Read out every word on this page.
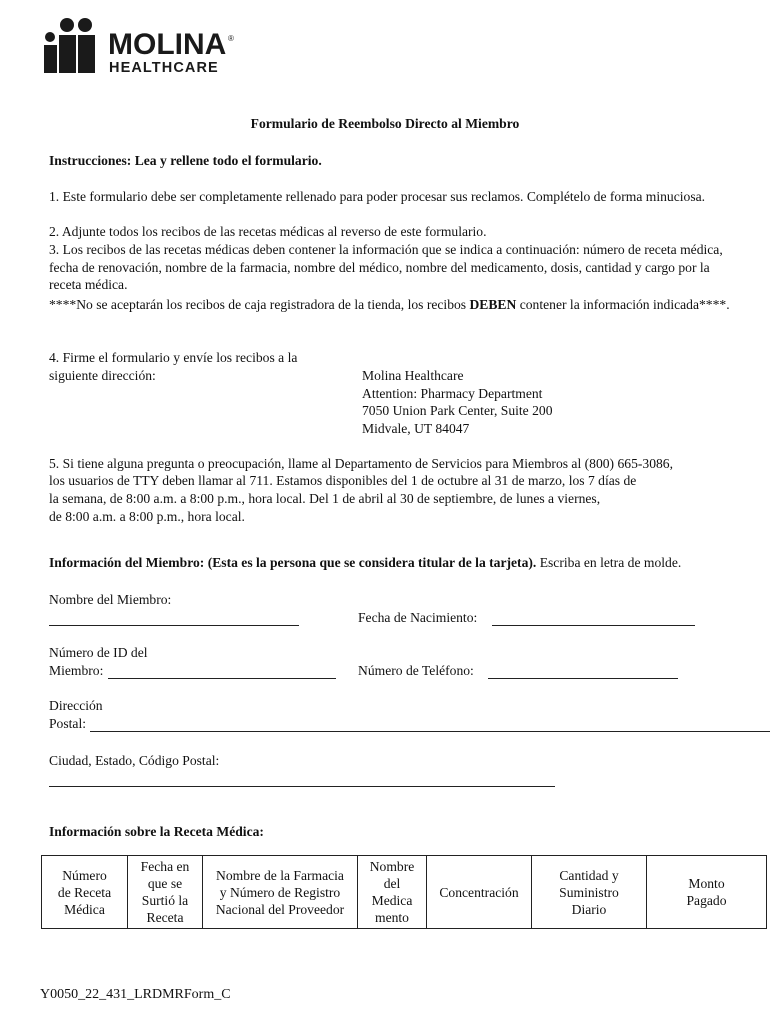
MOLINA ®
HEALTHCARE
Formulario de Reembolso Directo al Miembro
Instrucciones: Lea y rellene todo el formulario.
1. Este formulario debe ser completamente rellenado para poder procesar sus reclamos. Complételo de forma minuciosa.
2. Adjunte todos los recibos de las recetas médicas al reverso de este formulario.
3. Los recibos de las recetas médicas deben contener la información que se indica a continuación: número de receta médica, fecha de renovación, nombre de la farmacia, nombre del médico, nombre del medicamento, dosis, cantidad y cargo por la receta médica.
****No se aceptarán los recibos de caja registradora de la tienda, los recibos DEBEN contener la información indicada****.
4. Firme el formulario y envíe los recibos a la
siguiente dirección:	Molina Healthcare
Attention: Pharmacy Department
7050 Union Park Center, Suite 200
Midvale, UT 84047
5. Si tiene alguna pregunta o preocupación, llame al Departamento de Servicios para Miembros al (800) 665-3086,
los usuarios de TTY deben llamar al 711. Estamos disponibles del 1 de octubre al 31 de marzo, los 7 días de
la semana, de 8:00 a.m. a 8:00 p.m., hora local. Del 1 de abril al 30 de septiembre, de lunes a viernes,
de 8:00 a.m. a 8:00 p.m., hora local.
Información del Miembro: (Esta es la persona que se considera titular de la tarjeta). Escriba en letra de molde.
Nombre del Miembro:
Fecha de Nacimiento:
Número de ID del
Miembro:	Número de Teléfono:
Dirección
Postal:
Ciudad, Estado, Código Postal:
Información sobre la Receta Médica:
Número
de Receta
Médica	Fecha en
que se
Surtió la
Receta	Nombre de la Farmacia
y Número de Registro
Nacional del Proveedor	Nombre
del
Medica
mento	Concentración	Cantidad y
Suministro
Diario	Monto
Pagado
Y0050_22_431_LRDMRForm_C
